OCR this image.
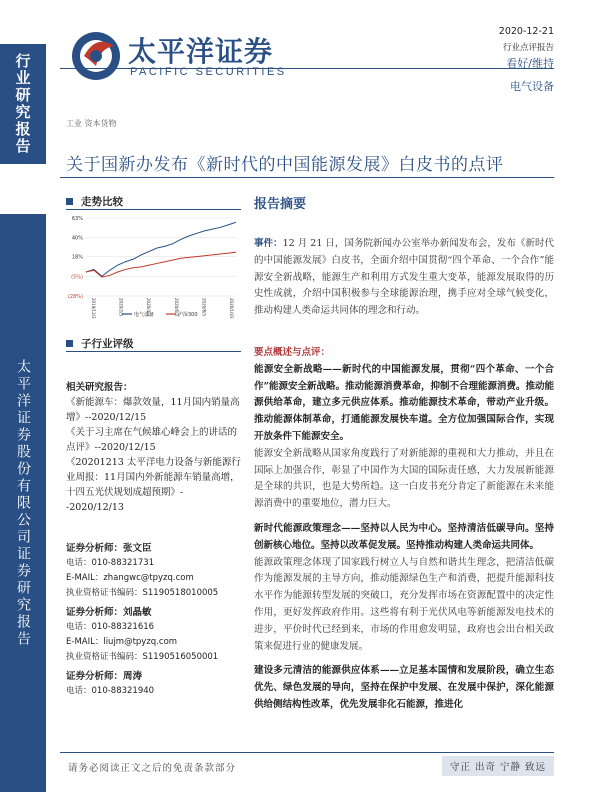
行业研究报告
太平洋证券股份有限公司证券研究报告
太平洋证券
PACIFIC SECURITIES
2020-12-21
行业点评报告
看好/维持
电气设备
工业 资本货物
关于国新办发布《新时代的中国能源发展》白皮书的点评
走势比较
63%
40%
18%
(5%)
(28%)
2019/12/3	2020/2/3	2020/4/3	2020/6/3	2020/8/3	2020/10/3
电气设备	沪深300
子行业评级
相关研究报告：
《新能源车：爆款效量，11月国内销量高增》--2020/12/15
《关于习主席在气候雄心峰会上的讲话的点评》--2020/12/15
《20201213 太平洋电力设备与新能源行业周报：11月国内外新能源车销量高增，十四五光伏规划成超预期》--2020/12/13
证券分析师：张文臣
电话：010-88321731
E-MAIL：zhangwc@tpyzq.com
执业资格证书编码：S1190518010005
证券分析师：刘晶敏
电话：010-88321616
E-MAIL：liujm@tpyzq.com
执业资格证书编码：S1190516050001
证券分析师：周涛
电话：010-88321940
报告摘要
事件：12 月 21 日，国务院新闻办公室举办新闻发布会，发布《新时代的中国能源发展》白皮书，全面介绍中国贯彻“四个革命、一个合作”能源安全新战略，能源生产和利用方式发生重大变革，能源发展取得的历史性成就，介绍中国积极参与全球能源治理，携手应对全球气候变化，推动构建人类命运共同体的理念和行动。
要点概述与点评：
能源安全新战略——新时代的中国能源发展，贯彻“四个革命、一个合作”能源安全新战略。推动能源消费革命，抑制不合理能源消费。推动能源供给革命，建立多元供应体系。推动能源技术革命，带动产业升级。推动能源体制革命，打通能源发展快车道。全方位加强国际合作，实现开放条件下能源安全。
能源安全新战略从国家角度践行了对新能源的重视和大力推动，并且在国际上加强合作，彰显了中国作为大国的国际责任感，大力发展新能源是全球的共识，也是大势所趋。这一白皮书充分肯定了新能源在未来能源消费中的重要地位，潜力巨大。
新时代能源政策理念——坚持以人民为中心。坚持清洁低碳导向。坚持创新核心地位。坚持以改革促发展。坚持推动构建人类命运共同体。
能源政策理念体现了国家践行树立人与自然和谐共生理念，把清洁低碳作为能源发展的主导方向，推动能源绿色生产和消费，把提升能源科技水平作为能源转型发展的突破口，充分发挥市场在资源配置中的决定性作用，更好发挥政府作用。这些将有利于光伏风电等新能源发电技术的进步，平价时代已经到来，市场的作用愈发明显，政府也会出台相关政策来促进行业的健康发展。
建设多元清洁的能源供应体系——立足基本国情和发展阶段，确立生态优先、绿色发展的导向，坚持在保护中发展、在发展中保护，深化能源供给侧结构性改革，优先发展非化石能源，推进化
请务必阅读正文之后的免责条款部分	守正 出奇 宁静 致远
